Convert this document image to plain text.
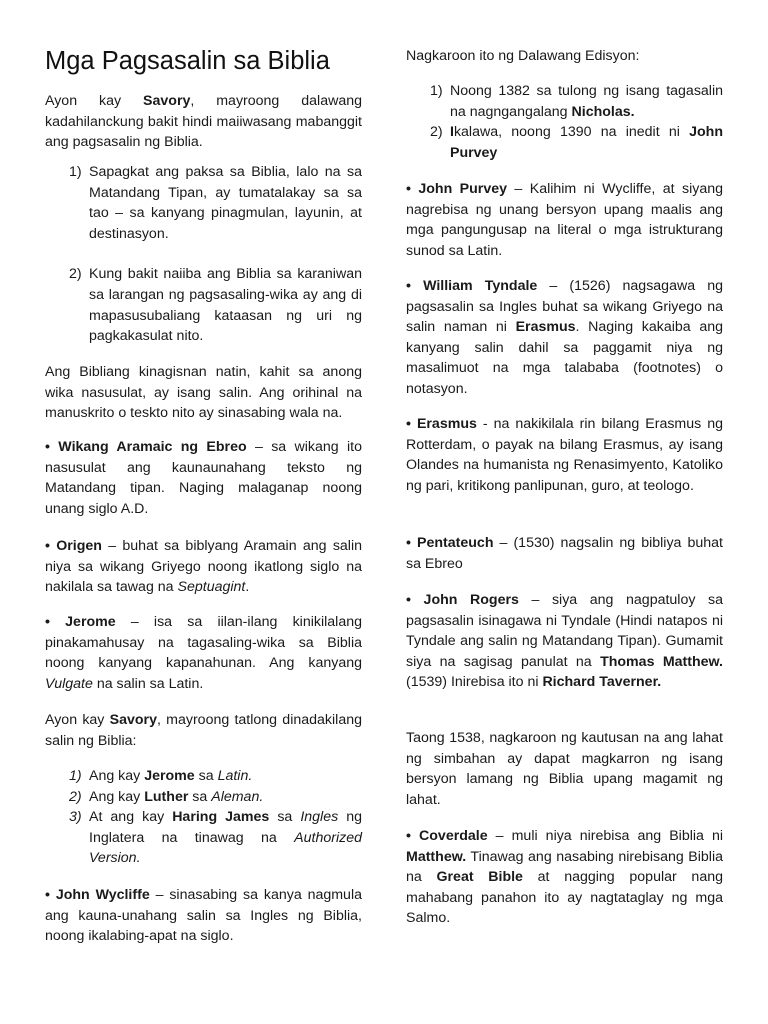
Mga Pagsasalin sa Biblia

Ayon kay Savory, mayroong dalawang kadahilanckung bakit hindi maiiwasang mabanggit ang pagsasalin ng Biblia.

1) Sapagkat ang paksa sa Biblia, lalo na sa Matandang Tipan, ay tumatalakay sa sa tao – sa kanyang pinagmulan, layunin, at destinasyon.
2) Kung bakit naiiba ang Biblia sa karaniwan sa larangan ng pagsasaling-wika ay ang di mapasusubaliang kataasan ng uri ng pagkakasulat nito.

Ang Bibliang kinagisnan natin, kahit sa anong wika nasusulat, ay isang salin. Ang orihinal na manuskrito o teskto nito ay sinasabing wala na.

• Wikang Aramaic ng Ebreo – sa wikang ito nasusulat ang kaunaunahang teksto ng Matandang tipan. Naging malaganap noong unang siglo A.D.

• Origen – buhat sa biblyang Aramain ang salin niya sa wikang Griyego noong ikatlong siglo na nakilala sa tawag na Septuagint.

• Jerome – isa sa iilan-ilang kinikilalang pinakamahusay na tagasaling-wika sa Biblia noong kanyang kapanahunan. Ang kanyang Vulgate na salin sa Latin.

Ayon kay Savory, mayroong tatlong dinadakilang salin ng Biblia:

1) Ang kay Jerome sa Latin.
2) Ang kay Luther sa Aleman.
3) At ang kay Haring James sa Ingles ng Inglatera na tinawag na Authorized Version.

• John Wycliffe – sinasabing sa kanya nagmula ang kauna-unahang salin sa Ingles ng Biblia, noong ikalabing-apat na siglo.

Nagkaroon ito ng Dalawang Edisyon:

1) Noong 1382 sa tulong ng isang tagasalin na nagngangalang Nicholas.
2) Ikalawa, noong 1390 na inedit ni John Purvey

• John Purvey – Kalihim ni Wycliffe, at siyang nagrebisa ng unang bersyon upang maalis ang mga pangungusap na literal o mga istrukturang sunod sa Latin.

• William Tyndale – (1526) nagsagawa ng pagsasalin sa Ingles buhat sa wikang Griyego na salin naman ni Erasmus. Naging kakaiba ang kanyang salin dahil sa paggamit niya ng masalimuot na mga talababa (footnotes) o notasyon.

• Erasmus - na nakikilala rin bilang Erasmus ng Rotterdam, o payak na bilang Erasmus, ay isang Olandes na humanista ng Renasimyento, Katoliko ng pari, kritikong panlipunan, guro, at teologo.

• Pentateuch – (1530) nagsalin ng bibliya buhat sa Ebreo

• John Rogers – siya ang nagpatuloy sa pagsasalin isinagawa ni Tyndale (Hindi natapos ni Tyndale ang salin ng Matandang Tipan). Gumamit siya na sagisag panulat na Thomas Matthew. (1539) Inirebisa ito ni Richard Taverner.

Taong 1538, nagkaroon ng kautusan na ang lahat ng simbahan ay dapat magkarron ng isang bersyon lamang ng Biblia upang magamit ng lahat.

• Coverdale – muli niya nirebisa ang Biblia ni Matthew. Tinawag ang nasabing nirebisang Biblia na Great Bible at nagging popular nang mahabang panahon ito ay nagtataglay ng mga Salmo.
